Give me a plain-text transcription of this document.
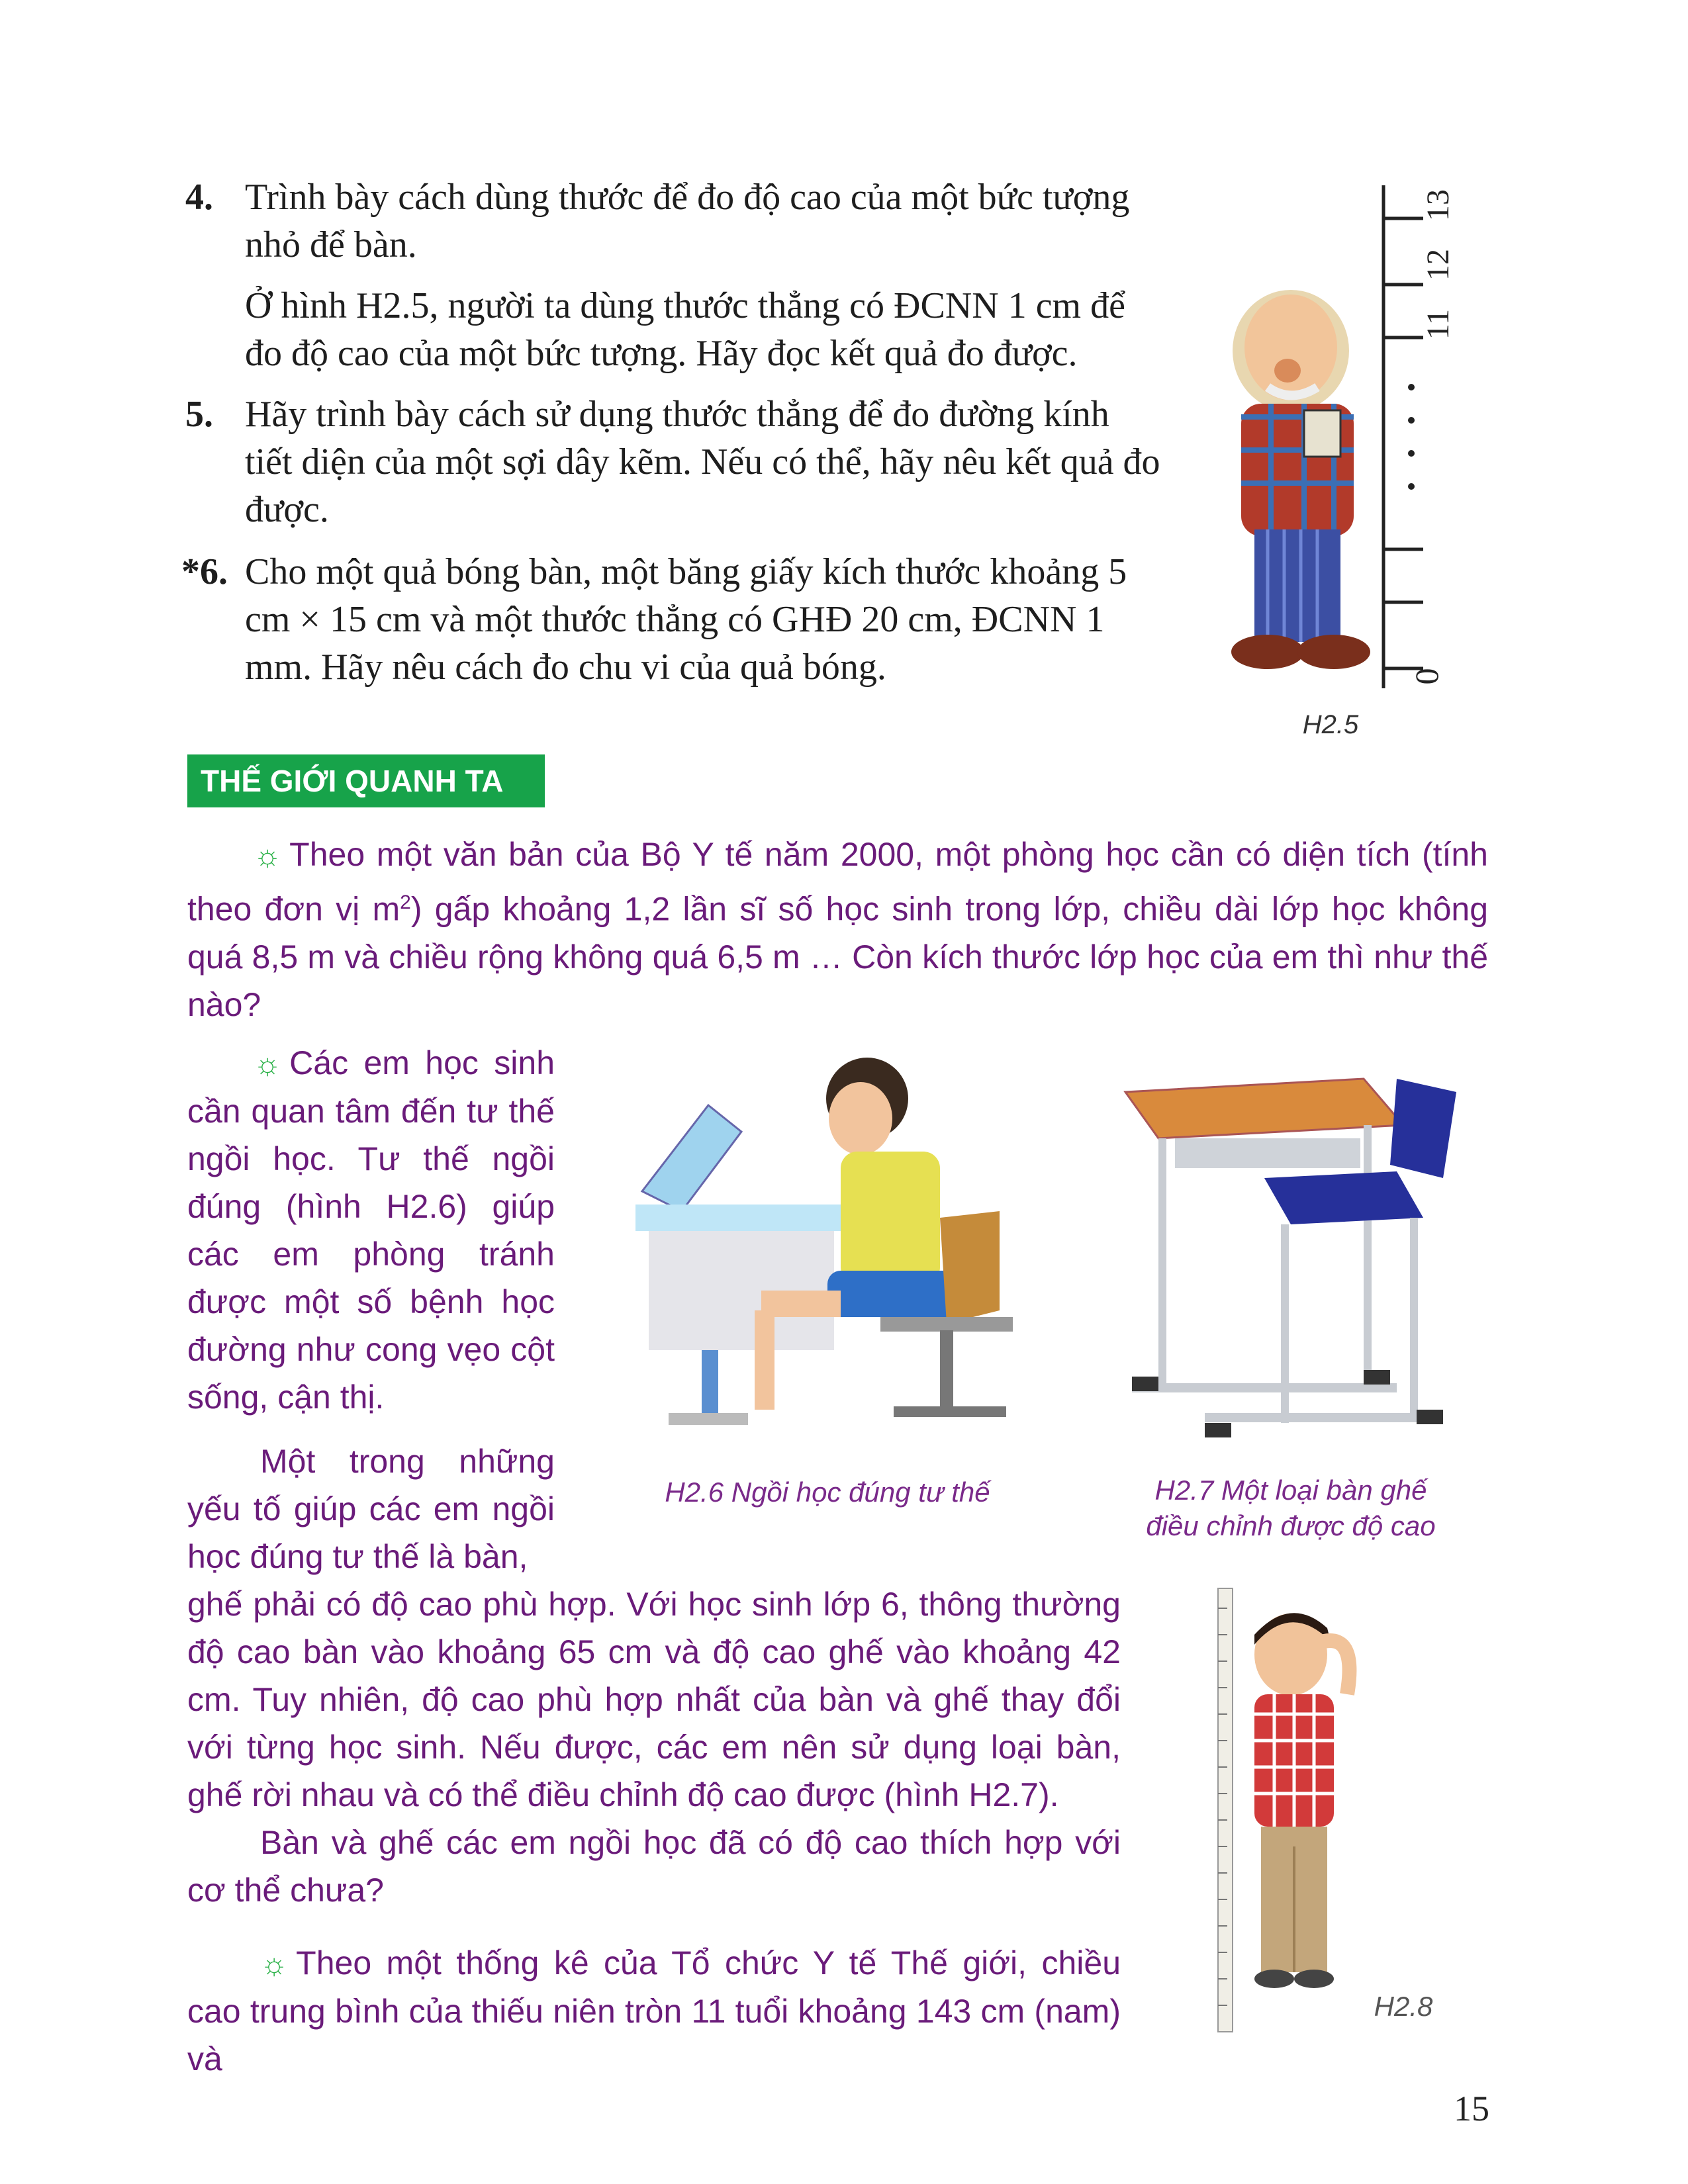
4. Trình bày cách dùng thước để đo độ cao của một bức tượng nhỏ để bàn.

Ở hình H2.5, người ta dùng thước thẳng có ĐCNN 1 cm để đo độ cao của một bức tượng. Hãy đọc kết quả đo được.

5. Hãy trình bày cách sử dụng thước thẳng để đo đường kính tiết diện của một sợi dây kẽm. Nếu có thể, hãy nêu kết quả đo được.

*6. Cho một quả bóng bàn, một băng giấy kích thước khoảng 5 cm × 15 cm và một thước thẳng có GHĐ 20 cm, ĐCNN 1 mm. Hãy nêu cách đo chu vi của quả bóng.	0
11
12
13
H2.5
THẾ GIỚI QUANH TA

☼ Theo một văn bản của Bộ Y tế năm 2000, một phòng học cần có diện tích (tính theo đơn vị $m^2$) gấp khoảng 1,2 lần sĩ số học sinh trong lớp, chiều dài lớp học không quá 8,5 m và chiều rộng không quá 6,5 m … Còn kích thước lớp học của em thì như thế nào?

☼ Các em học sinh cần quan tâm đến tư thế ngồi học. Tư thế ngồi đúng (hình H2.6) giúp các em phòng tránh được một số bệnh học đường như cong vẹo cột sống, cận thị.

Một trong những yếu tố giúp các em ngồi học đúng tư thế là bàn,

H2.6 Ngồi học đúng tư thế	H2.7 Một loại bàn ghế
điều chỉnh được độ cao

ghế phải có độ cao phù hợp. Với học sinh lớp 6, thông thường độ cao bàn vào khoảng 65 cm và độ cao ghế vào khoảng 42 cm. Tuy nhiên, độ cao phù hợp nhất của bàn và ghế thay đổi với từng học sinh. Nếu được, các em nên sử dụng loại bàn, ghế rời nhau và có thể điều chỉnh độ cao được (hình H2.7).

Bàn và ghế các em ngồi học đã có độ cao thích hợp với cơ thể chưa?

☼ Theo một thống kê của Tổ chức Y tế Thế giới, chiều cao trung bình của thiếu niên tròn 11 tuổi khoảng 143 cm (nam) và

H2.8
15
